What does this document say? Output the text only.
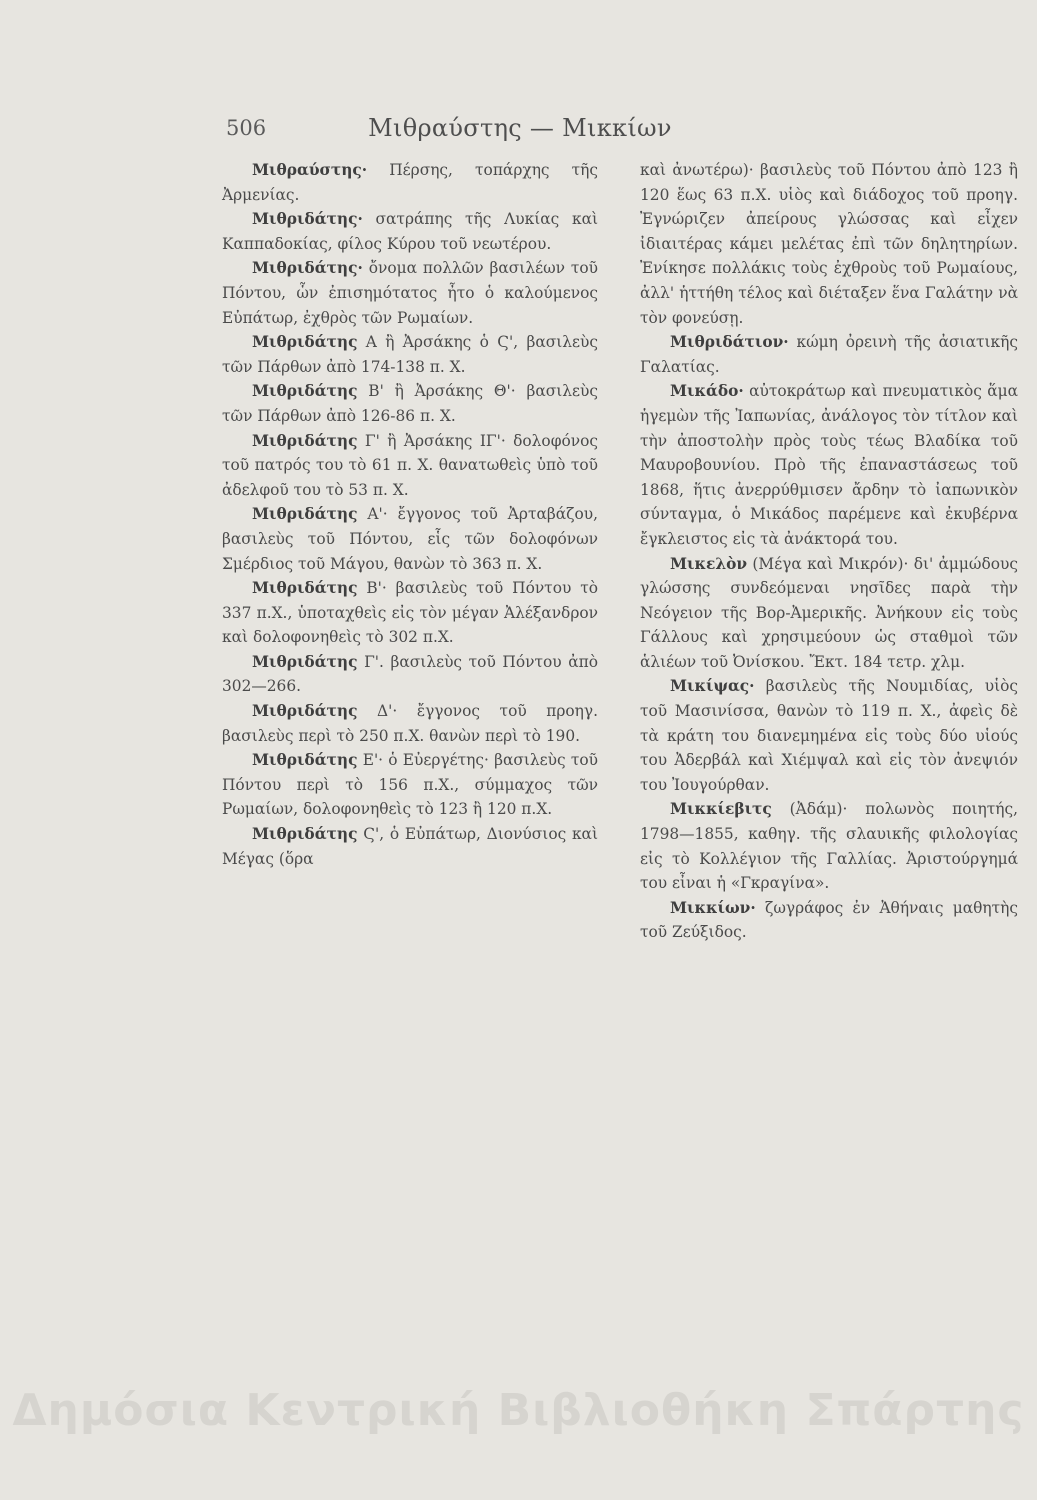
506	Μιθραύστης — Μικκίων

Μιθραύστης· Πέρσης, τοπάρχης τῆς Ἀρμενίας.

Μιθριδάτης· σατράπης τῆς Λυκίας καὶ Καππαδοκίας, φίλος Κύρου τοῦ νεωτέρου.

Μιθριδάτης· ὄνομα πολλῶν βασιλέων τοῦ Πόντου, ὧν ἐπισημότατος ἦτο ὁ καλούμενος Εὐπάτωρ, ἐχθρὸς τῶν Ρωμαίων.

Μιθριδάτης Α ἢ Ἀρσάκης ὁ Ϛ', βασιλεὺς τῶν Πάρθων ἀπὸ 174-138 π. Χ.

Μιθριδάτης Β' ἢ Ἀρσάκης Θ'· βασιλεὺς τῶν Πάρθων ἀπὸ 126-86 π. Χ.

Μιθριδάτης Γ' ἢ Ἀρσάκης ΙΓ'· δολοφόνος τοῦ πατρός του τὸ 61 π. Χ. θανατωθεὶς ὑπὸ τοῦ ἀδελφοῦ του τὸ 53 π. Χ.

Μιθριδάτης Α'· ἔγγονος τοῦ Ἀρταβάζου, βασιλεὺς τοῦ Πόντου, εἷς τῶν δολοφόνων Σμέρδιος τοῦ Μάγου, θανὼν τὸ 363 π. Χ.

Μιθριδάτης Β'· βασιλεὺς τοῦ Πόντου τὸ 337 π.Χ., ὑποταχθεὶς εἰς τὸν μέγαν Ἀλέξανδρον καὶ δολοφονηθεὶς τὸ 302 π.Χ.

Μιθριδάτης Γ'. βασιλεὺς τοῦ Πόντου ἀπὸ 302—266.

Μιθριδάτης Δ'· ἔγγονος τοῦ προηγ. βασιλεὺς περὶ τὸ 250 π.Χ. θανὼν περὶ τὸ 190.

Μιθριδάτης Ε'· ὁ Εὐεργέτης· βασιλεὺς τοῦ Πόντου περὶ τὸ 156 π.Χ., σύμμαχος τῶν Ρωμαίων, δολοφονηθεὶς τὸ 123 ἢ 120 π.Χ.

Μιθριδάτης Ϛ', ὁ Εὐπάτωρ, Διονύσιος καὶ Μέγας (ὅρα

καὶ ἀνωτέρω)· βασιλεὺς τοῦ Πόντου ἀπὸ 123 ἢ 120 ἕως 63 π.Χ. υἱὸς καὶ διάδοχος τοῦ προηγ. Ἐγνώριζεν ἀπείρους γλώσσας καὶ εἶχεν ἰδιαιτέρας κάμει μελέτας ἐπὶ τῶν δηλητηρίων. Ἐνίκησε πολλάκις τοὺς ἐχθροὺς τοῦ Ρωμαίους, ἀλλ' ἡττήθη τέλος καὶ διέταξεν ἕνα Γαλάτην νὰ τὸν φονεύσῃ.

Μιθριδάτιον· κώμη ὀρεινὴ τῆς ἀσιατικῆς Γαλατίας.

Μικάδο· αὐτοκράτωρ καὶ πνευματικὸς ἅμα ἡγεμὼν τῆς Ἰαπωνίας, ἀνάλογος τὸν τίτλον καὶ τὴν ἀποστολὴν πρὸς τοὺς τέως Βλαδίκα τοῦ Μαυροβουνίου. Πρὸ τῆς ἐπαναστάσεως τοῦ 1868, ἥτις ἀνερρύθμισεν ἄρδην τὸ ἰαπωνικὸν σύνταγμα, ὁ Μικάδος παρέμενε καὶ ἐκυβέρνα ἔγκλειστος εἰς τὰ ἀνάκτορά του.

Μικελὸν (Μέγα καὶ Μικρόν)· δι' ἀμμώδους γλώσσης συνδεόμεναι νησῖδες παρὰ τὴν Νεόγειον τῆς Βορ-Ἀμερικῆς. Ἀνήκουν εἰς τοὺς Γάλλους καὶ χρησιμεύουν ὡς σταθμοὶ τῶν ἁλιέων τοῦ Ὀνίσκου. Ἔκτ. 184 τετρ. χλμ.

Μικίψας· βασιλεὺς τῆς Νουμιδίας, υἱὸς τοῦ Μασινίσσα, θανὼν τὸ 119 π. Χ., ἀφεὶς δὲ τὰ κράτη του διανεμημένα εἰς τοὺς δύο υἱούς του Ἀδερβάλ καὶ Χιέμψαλ καὶ εἰς τὸν ἀνεψιόν του Ἰουγούρθαν.

Μικκίεβιτς (Ἀδάμ)· πολωνὸς ποιητής, 1798—1855, καθηγ. τῆς σλαυικῆς φιλολογίας εἰς τὸ Κολλέγιον τῆς Γαλλίας. Ἀριστούργημά του εἶναι ἡ «Γκραγίνα».

Μικκίων· ζωγράφος ἐν Ἀθήναις μαθητὴς τοῦ Ζεύξιδος.

Δημόσια Κεντρική Βιβλιοθήκη Σπάρτης
